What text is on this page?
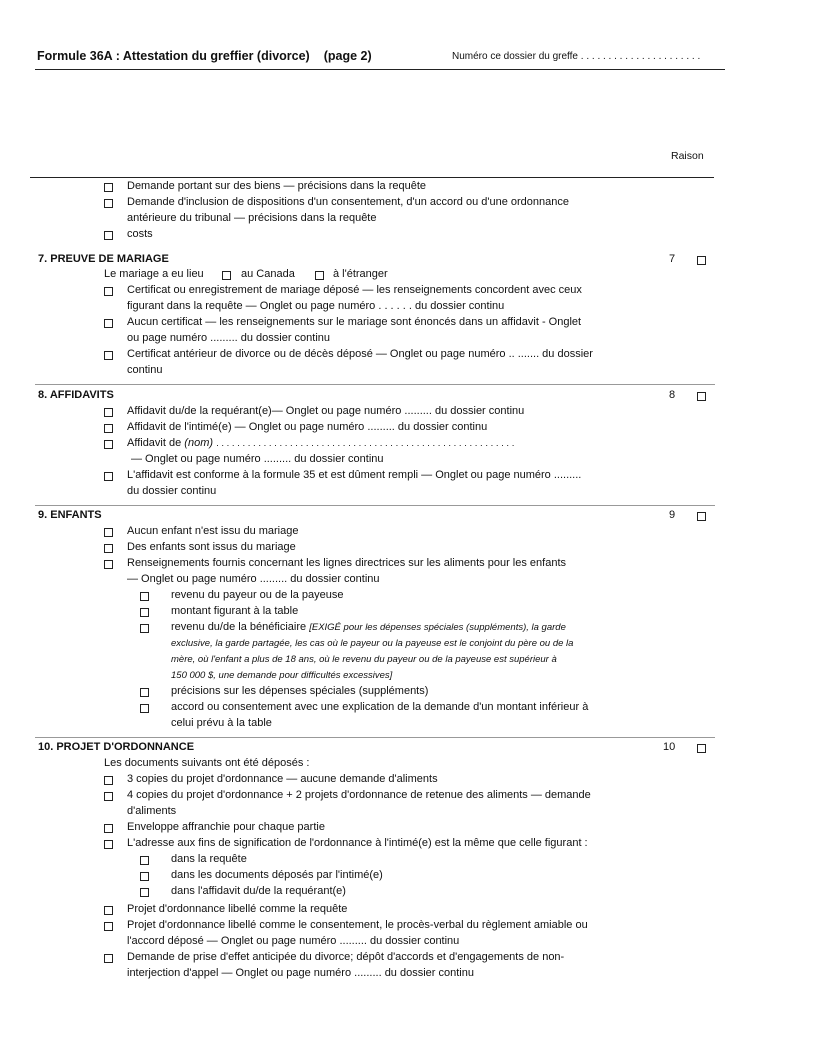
Formule 36A : Attestation du greffier (divorce) (page 2)	Numéro ce dossier du greffe . . . . . . . . . . . . . . . . . . . . . .
Raison
Demande portant sur des biens — précisions dans la requête
Demande d'inclusion de dispositions d'un consentement, d'un accord ou d'une ordonnance
antérieure du tribunal — précisions dans la requête
costs
7. PREUVE DE MARIAGE	7
Le mariage a eu lieu	au Canada	à l'étranger
Certificat ou enregistrement de mariage déposé — les renseignements concordent avec ceux
figurant dans la requête — Onglet ou page numéro . . . . . . du dossier continu
Aucun certificat — les renseignements sur le mariage sont énoncés dans un affidavit - Onglet
ou page numéro ......... du dossier continu
Certificat antérieur de divorce ou de décès déposé — Onglet ou page numéro .. ....... du dossier
continu
8. AFFIDAVITS	8
Affidavit du/de la requérant(e)— Onglet ou page numéro ......... du dossier continu
Affidavit de l'intimé(e) — Onglet ou page numéro ......... du dossier continu
Affidavit de (nom) . . . . . . . . . . . . . . . . . . . . . . . . . . . . . . . . . . . . . . . . . . . . . . . . . . . . . . . . .
— Onglet ou page numéro ......... du dossier continu
L'affidavit est conforme à la formule 35 et est dûment rempli — Onglet ou page numéro .........
du dossier continu
9. ENFANTS	9
Aucun enfant n'est issu du mariage
Des enfants sont issus du mariage
Renseignements fournis concernant les lignes directrices sur les aliments pour les enfants
— Onglet ou page numéro ......... du dossier continu
revenu du payeur ou de la payeuse
montant figurant à la table
revenu du/de la bénéficiaire [EXIGÉ pour les dépenses spéciales (suppléments), la garde
exclusive, la garde partagée, les cas où le payeur ou la payeuse est le conjoint du père ou de la
mère, où l'enfant a plus de 18 ans, où le revenu du payeur ou de la payeuse est supérieur à
150 000 $, une demande pour difficultés excessives]
précisions sur les dépenses spéciales (suppléments)
accord ou consentement avec une explication de la demande d'un montant inférieur à
celui prévu à la table
10. PROJET D'ORDONNANCE	10
Les documents suivants ont été déposés :
3 copies du projet d'ordonnance — aucune demande d'aliments
4 copies du projet d'ordonnance + 2 projets d'ordonnance de retenue des aliments — demande
d'aliments
Enveloppe affranchie pour chaque partie
L'adresse aux fins de signification de l'ordonnance à l'intimé(e) est la même que celle figurant :
dans la requête
dans les documents déposés par l'intimé(e)
dans l'affidavit du/de la requérant(e)
Projet d'ordonnance libellé comme la requête
Projet d'ordonnance libellé comme le consentement, le procès-verbal du règlement amiable ou
l'accord déposé — Onglet ou page numéro ......... du dossier continu
Demande de prise d'effet anticipée du divorce; dépôt d'accords et d'engagements de non-
interjection d'appel — Onglet ou page numéro ......... du dossier continu
